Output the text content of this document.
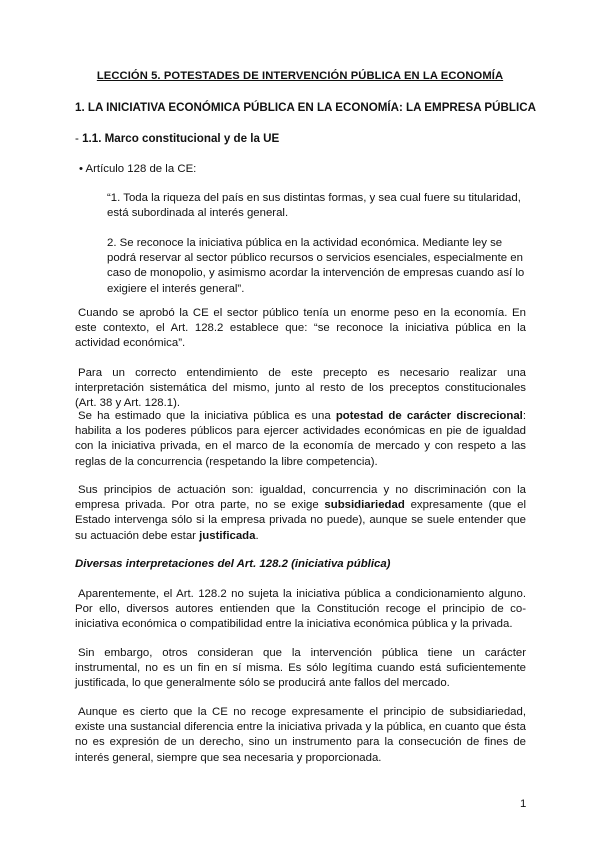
LECCIÓN 5. POTESTADES DE INTERVENCIÓN PÚBLICA EN LA ECONOMÍA
1. LA INICIATIVA ECONÓMICA PÚBLICA EN LA ECONOMÍA: LA EMPRESA PÚBLICA
- 1.1. Marco constitucional y de la UE
• Artículo 128 de la CE:
“1. Toda la riqueza del país en sus distintas formas, y sea cual fuere su titularidad, está subordinada al interés general.
2. Se reconoce la iniciativa pública en la actividad económica. Mediante ley se podrá reservar al sector público recursos o servicios esenciales, especialmente en caso de monopolio, y asimismo acordar la intervención de empresas cuando así lo exigiere el interés general”.
Cuando se aprobó la CE el sector público tenía un enorme peso en la economía. En este contexto, el Art. 128.2 establece que: “se reconoce la iniciativa pública en la actividad económica”.
Para un correcto entendimiento de este precepto es necesario realizar una interpretación sistemática del mismo, junto al resto de los preceptos constitucionales (Art. 38 y Art. 128.1).
Se ha estimado que la iniciativa pública es una potestad de carácter discrecional: habilita a los poderes públicos para ejercer actividades económicas en pie de igualdad con la iniciativa privada, en el marco de la economía de mercado y con respeto a las reglas de la concurrencia (respetando la libre competencia).
Sus principios de actuación son: igualdad, concurrencia y no discriminación con la empresa privada. Por otra parte, no se exige subsidiariedad expresamente (que el Estado intervenga sólo si la empresa privada no puede), aunque se suele entender que su actuación debe estar justificada.
Diversas interpretaciones del Art. 128.2 (iniciativa pública)
Aparentemente, el Art. 128.2 no sujeta la iniciativa pública a condicionamiento alguno. Por ello, diversos autores entienden que la Constitución recoge el principio de co-iniciativa económica o compatibilidad entre la iniciativa económica pública y la privada.
Sin embargo, otros consideran que la intervención pública tiene un carácter instrumental, no es un fin en sí misma. Es sólo legítima cuando está suficientemente justificada, lo que generalmente sólo se producirá ante fallos del mercado.
Aunque es cierto que la CE no recoge expresamente el principio de subsidiariedad, existe una sustancial diferencia entre la iniciativa privada y la pública, en cuanto que ésta no es expresión de un derecho, sino un instrumento para la consecución de fines de interés general, siempre que sea necesaria y proporcionada.
1
